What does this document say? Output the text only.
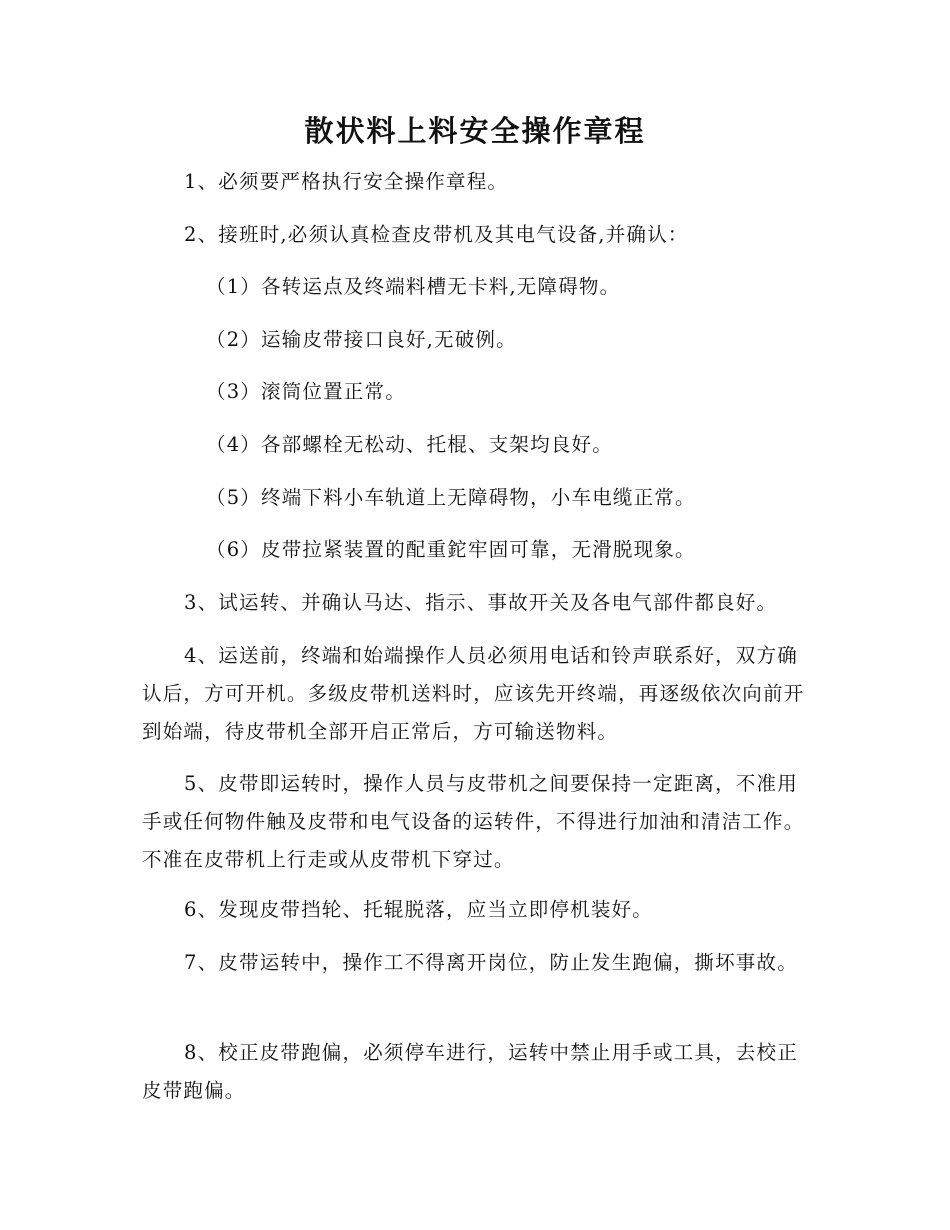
散状料上料安全操作章程

1、必须要严格执行安全操作章程。

2、接班时,必须认真检查皮带机及其电气设备,并确认：

（1）各转运点及终端料槽无卡料,无障碍物。

（2）运输皮带接口良好,无破例。

（3）滚筒位置正常。

（4）各部螺栓无松动、托棍、支架均良好。

（5）终端下料小车轨道上无障碍物，小车电缆正常。

（6）皮带拉紧装置的配重鉈牢固可靠，无滑脱现象。

3、试运转、并确认马达、指示、事故开关及各电气部件都良好。

4、运送前，终端和始端操作人员必须用电话和铃声联系好，双方确认后，方可开机。多级皮带机送料时，应该先开终端，再逐级依次向前开到始端，待皮带机全部开启正常后，方可输送物料。

5、皮带即运转时，操作人员与皮带机之间要保持一定距离，不准用手或任何物件触及皮带和电气设备的运转件，不得进行加油和清洁工作。不准在皮带机上行走或从皮带机下穿过。

6、发现皮带挡轮、托辊脱落，应当立即停机装好。

7、皮带运转中，操作工不得离开岗位，防止发生跑偏，撕坏事故。

8、校正皮带跑偏，必须停车进行，运转中禁止用手或工具，去校正皮带跑偏。
